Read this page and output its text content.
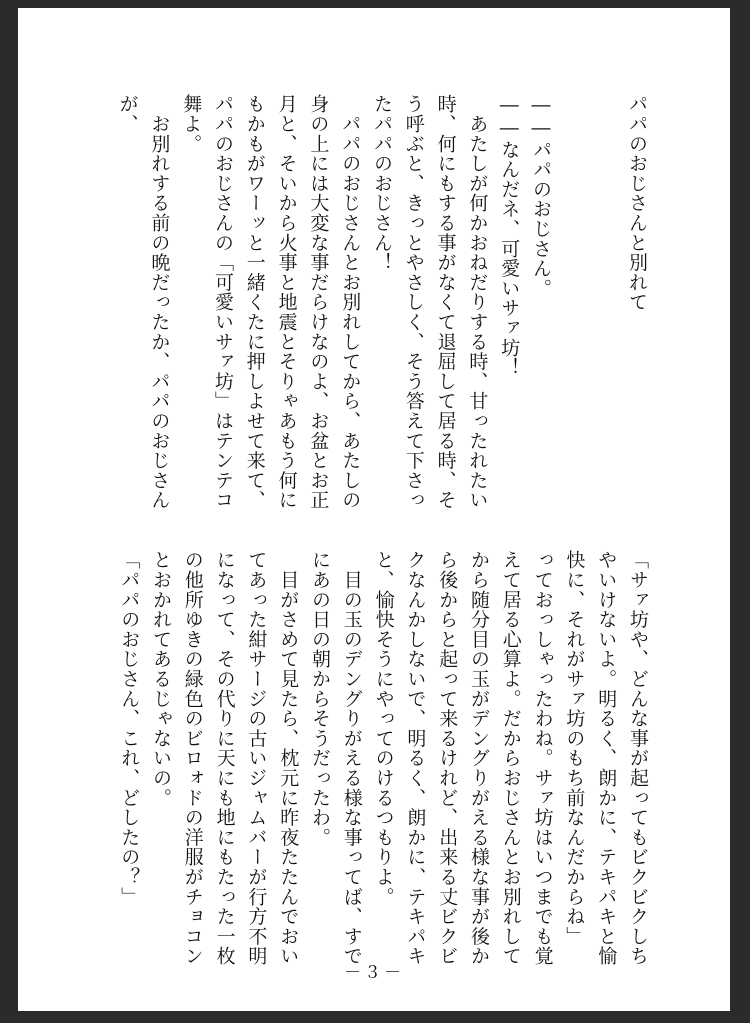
「サァ坊や、どんな事が起ってもビクビクしち
やいけないよ。明るく、朗かに、テキパキと愉
快に、それがサァ坊のもち前なんだからね」
っておっしゃったわね。サァ坊はいつまでも覚
えて居る心算よ。だからおじさんとお別れして
から随分目の玉がデングりがえる様な事が後か
ら後からと起って来るけれど、出来る丈ビクビ
クなんかしないで、明るく、朗かに、テキパキ
と、愉快そうにやってのけるつもりよ。
　目の玉のデングりがえる様な事ってば、すで
にあの日の朝からそうだったわ。
　目がさめて見たら、枕元に昨夜たたんでおい
てあった紺サージの古いジャムバーが行方不明
になって、その代りに天にも地にもたった一枚
の他所ゆきの緑色のビロォドの洋服がチョコン
とおかれてあるじゃないの。
「パパのおじさん、これ、どしたの？」
――パパのおじさん。
――なんだネ、可愛いサァ坊！
　あたしが何かおねだりする時、甘ったれたい
時、何にもする事がなくて退屈して居る時、そ
う呼ぶと、きっとやさしく、そう答えて下さっ
たパパのおじさん！
　パパのおじさんとお別れしてから、あたしの
身の上には大変な事だらけなのよ、お盆とお正
月と、そいから火事と地震とそりゃあもう何に
もかもがワーッと一緒くたに押しよせて来て、
パパのおじさんの「可愛いサァ坊」はテンテコ
舞よ。
　お別れする前の晩だったか、パパのおじさん
が、	パパのおじさんと別れて
－３－
